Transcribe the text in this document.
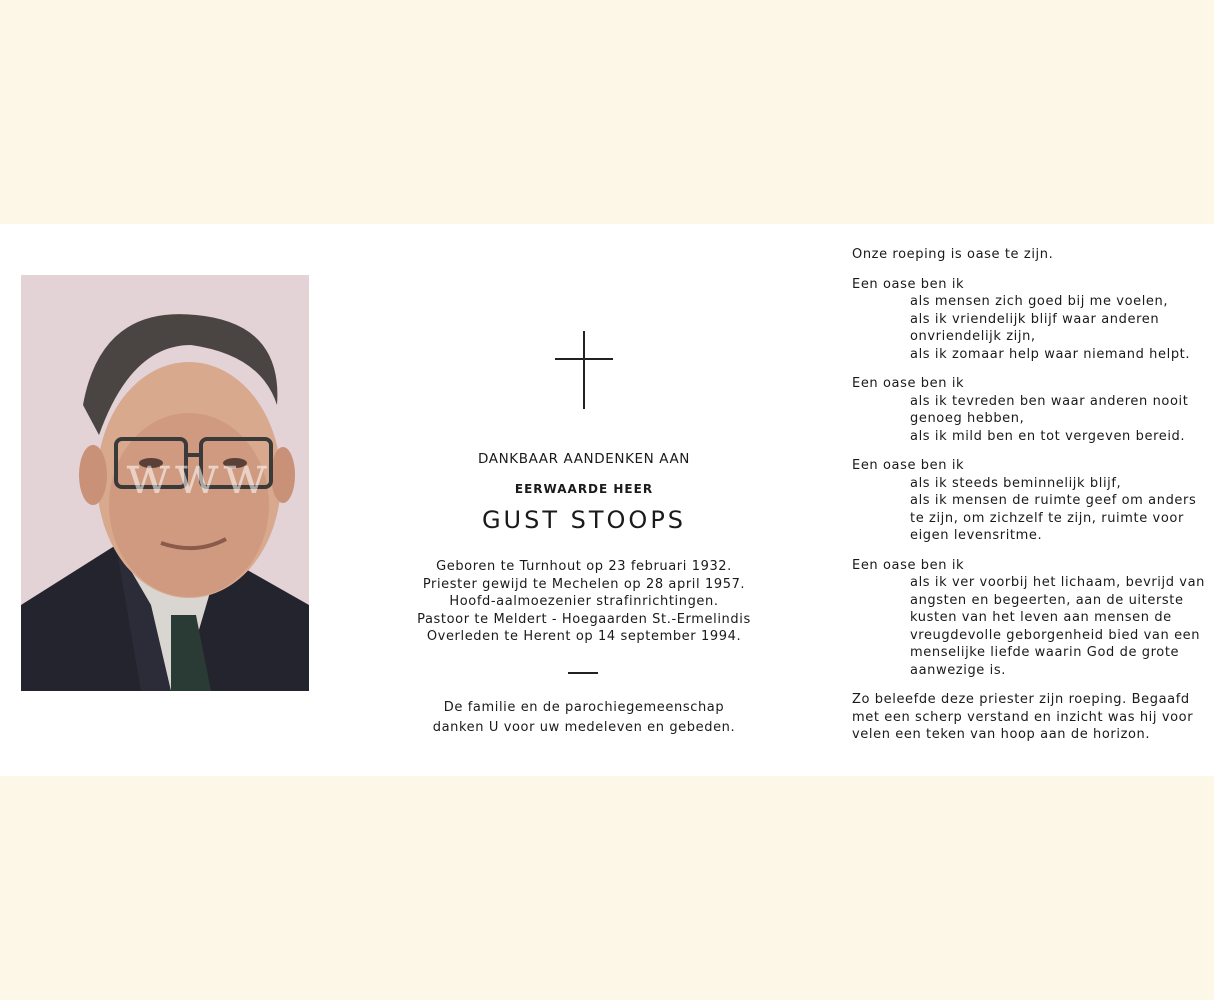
www	DANKBAAR AANDENKEN AAN
EERWAARDE HEER
GUST STOOPS
Geboren te Turnhout op 23 februari 1932.
Priester gewijd te Mechelen op 28 april 1957.
Hoofd-aalmoezenier strafinrichtingen.
Pastoor te Meldert - Hoegaarden St.-Ermelindis
Overleden te Herent op 14 september 1994.
De familie en de parochiegemeenschap
danken U voor uw medeleven en gebeden.
Onze roeping is oase te zijn.
Een oase ben ik
als mensen zich goed bij me voelen,
als ik vriendelijk blijf waar anderen
onvriendelijk zijn,
als ik zomaar help waar niemand helpt.
Een oase ben ik
als ik tevreden ben waar anderen nooit
genoeg hebben,
als ik mild ben en tot vergeven bereid.
Een oase ben ik
als ik steeds beminnelijk blijf,
als ik mensen de ruimte geef om anders
te zijn, om zichzelf te zijn, ruimte voor
eigen levensritme.
Een oase ben ik
als ik ver voorbij het lichaam, bevrijd van
angsten en begeerten, aan de uiterste
kusten van het leven aan mensen de
vreugdevolle geborgenheid bied van een
menselijke liefde waarin God de grote
aanwezige is.
Zo beleefde deze priester zijn roeping. Begaafd
met een scherp verstand en inzicht was hij voor
velen een teken van hoop aan de horizon.
